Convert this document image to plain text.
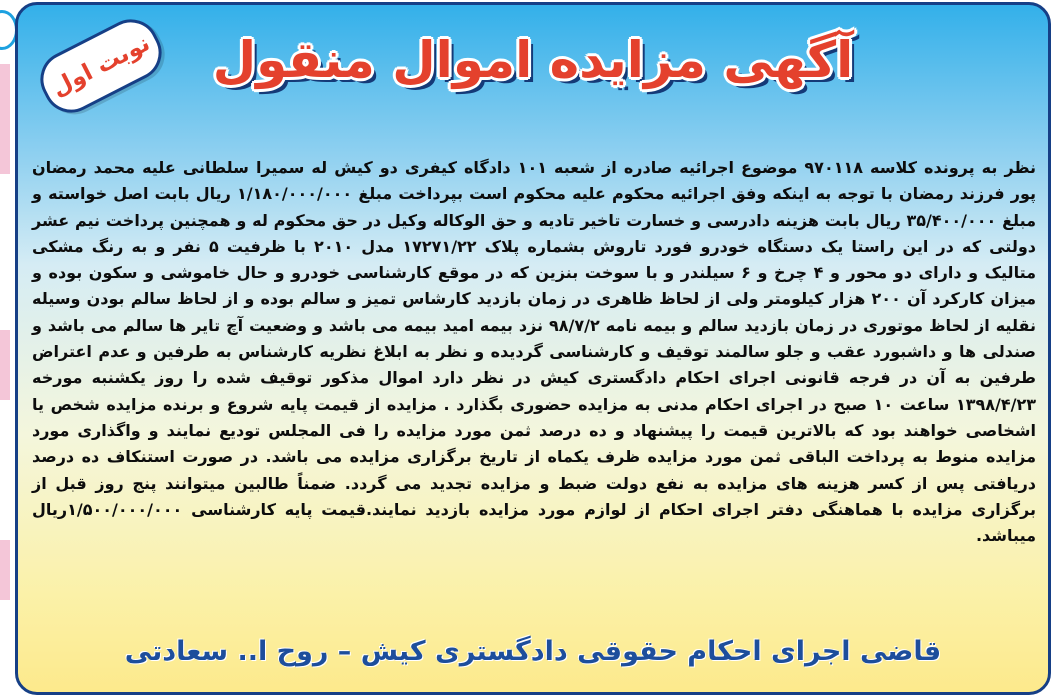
نوبت اول	آگهی مزایده اموال منقول
نظر به پرونده کلاسه ۹۷۰۱۱۸ موضوع اجرائیه صادره از شعبه ۱۰۱ دادگاه کیفری دو کیش له سمیرا سلطانی علیه محمد رمضان پور فرزند رمضان با توجه به اینکه وفق اجرائیه محکوم علیه محکوم است بپرداخت مبلغ ۱/۱۸۰/۰۰۰/۰۰۰ ریال بابت اصل خواسته و مبلغ ۳۵/۴۰۰/۰۰۰ ریال بابت هزینه دادرسی و خسارت تاخیر تادیه و حق الوکاله وکیل در حق محکوم له و همچنین پرداخت نیم عشر دولتی که در این راستا یک دستگاه خودرو فورد تاروش بشماره پلاک ۱۷۲۷۱/۲۲ مدل ۲۰۱۰ با ظرفیت ۵ نفر و به رنگ مشکی متالیک و دارای دو محور و ۴ چرخ و ۶ سیلندر و با سوخت بنزین که در موقع کارشناسی خودرو و حال خاموشی و سکون بوده و میزان کارکرد آن ۲۰۰ هزار کیلومتر ولی از لحاظ ظاهری در زمان بازدید کارشاس تمیز و سالم بوده و از لحاظ سالم بودن وسیله نقلیه از لحاظ موتوری در زمان بازدید سالم و بیمه نامه ۹۸/۷/۲ نزد بیمه امید بیمه می باشد و وضعیت آچ تایر ها سالم می باشد و صندلی ها و داشبورد عقب و جلو سالمند توقیف و کارشناسی گردیده و نظر به ابلاغ نظریه کارشناس به طرفین و عدم اعتراض طرفین به آن در فرجه قانونی اجرای احکام دادگستری کیش در نظر دارد اموال مذکور توقیف شده را روز یکشنبه مورخه ۱۳۹۸/۴/۲۳ ساعت ۱۰ صبح در اجرای احکام مدنی به مزایده حضوری بگذارد . مزایده از قیمت پایه شروع و برنده مزایده شخص یا اشخاصی خواهند بود که بالاترین قیمت را پیشنهاد و ده درصد ثمن مورد مزایده را فی المجلس تودیع نمایند و واگذاری مورد مزایده منوط به پرداخت الباقی ثمن مورد مزایده ظرف یکماه از تاریخ برگزاری مزایده می باشد. در صورت استنکاف ده درصد دریافتی پس از کسر هزینه های مزایده به نفع دولت ضبط و مزایده تجدید می گردد. ضمناً طالبین میتوانند پنج روز قبل از برگزاری مزایده با هماهنگی دفتر اجرای احکام از لوازم مورد مزایده بازدید نمایند.قیمت پایه کارشناسی ۱/۵۰۰/۰۰۰/۰۰۰ریال میباشد.
قاضی اجرای احکام حقوقی دادگستری کیش – روح ا.. سعادتی
